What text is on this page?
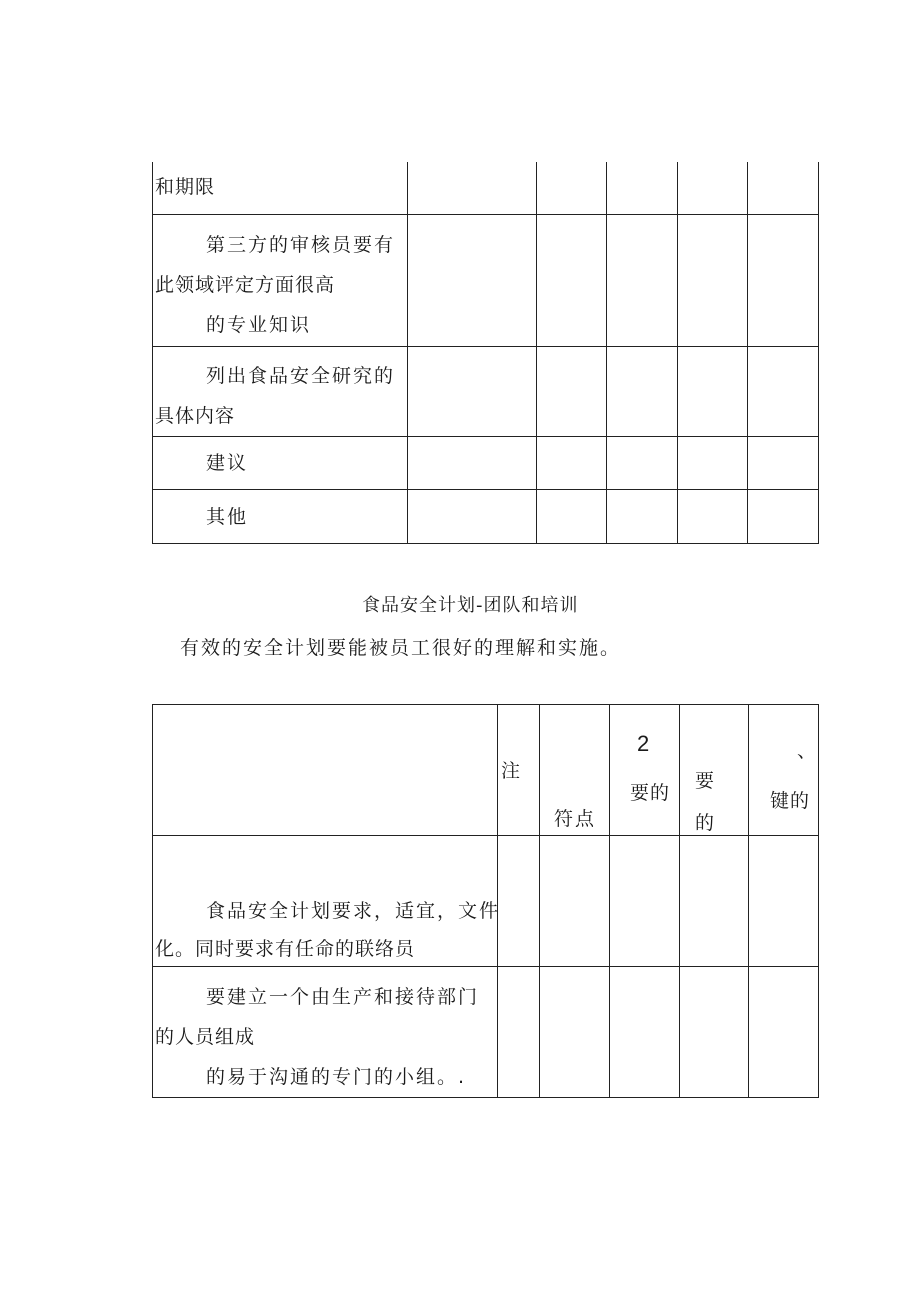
和期限
第三方的审核员要有
此领域评定方面很高
的专业知识
列出食品安全研究的
具体内容
建议
其他
食品安全计划-团队和培训
有效的安全计划要能被员工很好的理解和实施。
注
符点
2
要的
要
的
、
键的
食品安全计划要求，适宜，文件
化。同时要求有任命的联络员
要建立一个由生产和接待部门
的人员组成
的易于沟通的专门的小组。.
